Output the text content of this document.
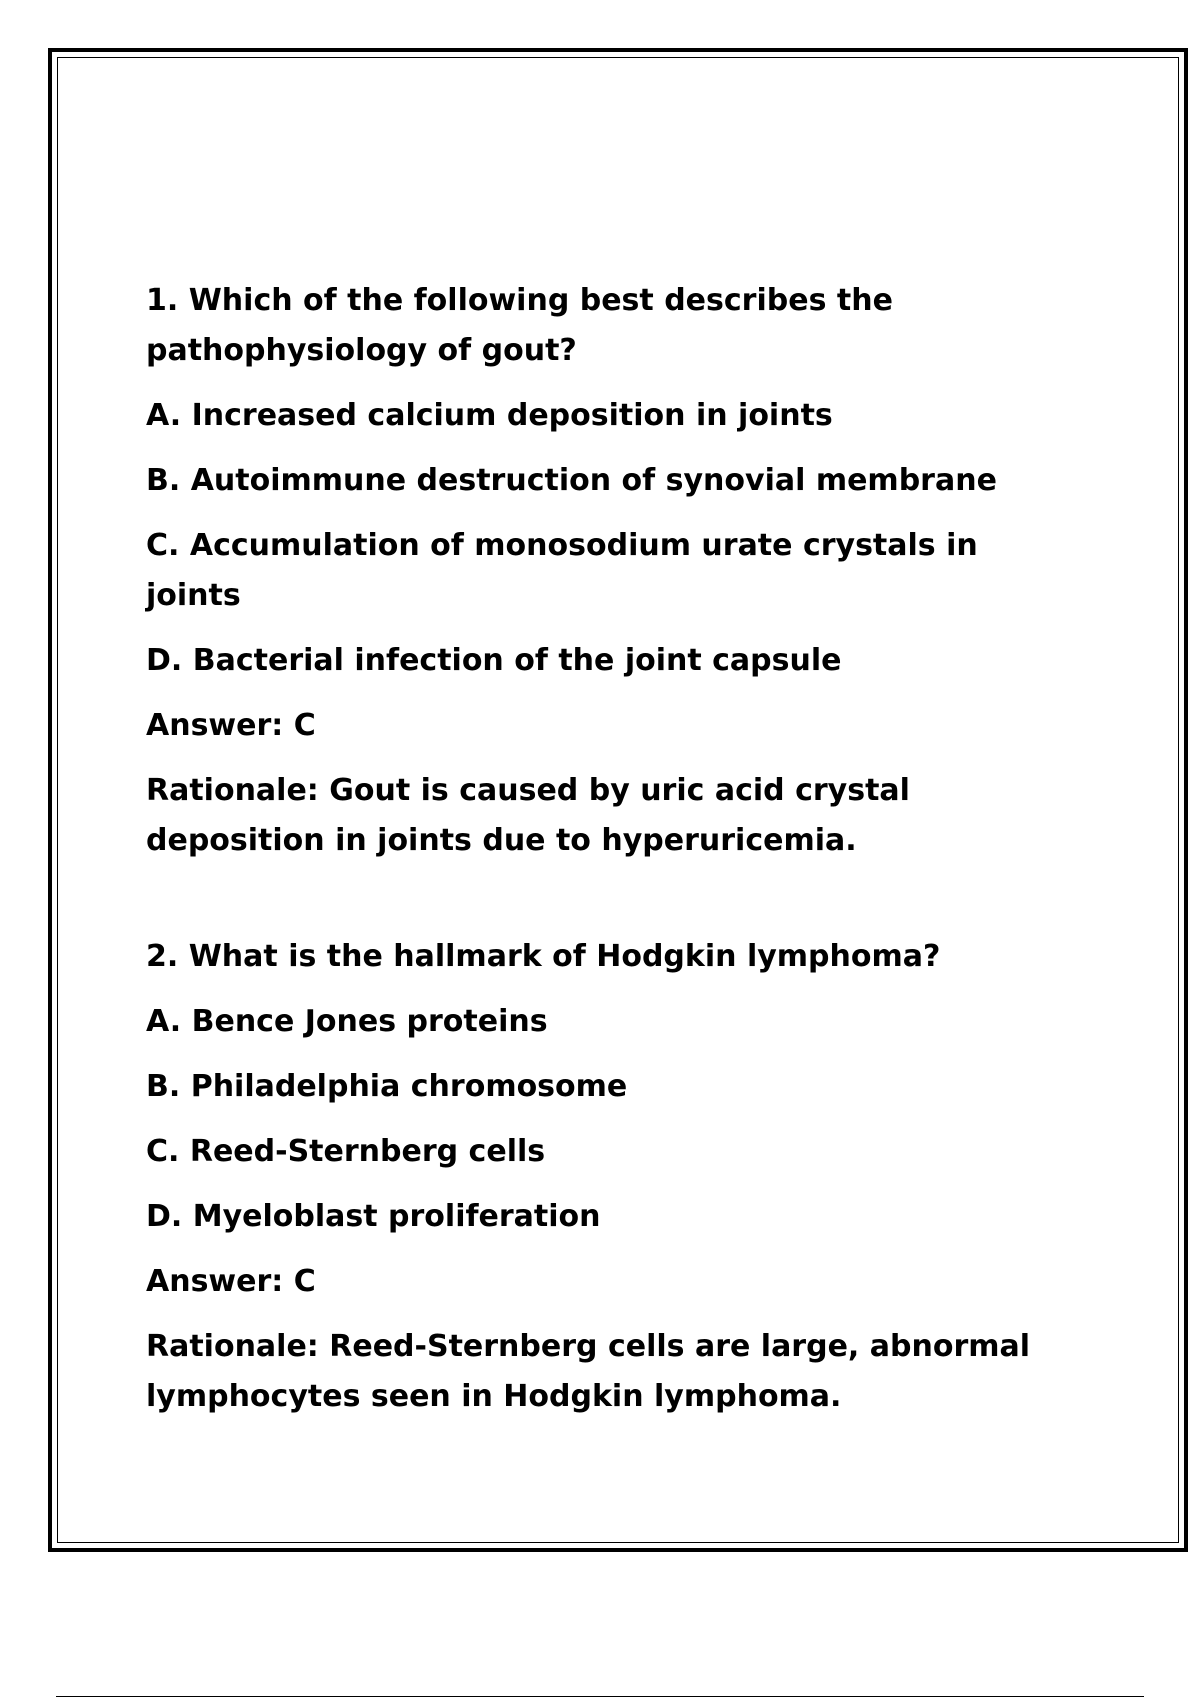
1. Which of the following best describes the

pathophysiology of gout?

A. Increased calcium deposition in joints

B. Autoimmune destruction of synovial membrane

C. Accumulation of monosodium urate crystals in

joints

D. Bacterial infection of the joint capsule

Answer: C

Rationale: Gout is caused by uric acid crystal

deposition in joints due to hyperuricemia.

2. What is the hallmark of Hodgkin lymphoma?

A. Bence Jones proteins

B. Philadelphia chromosome

C. Reed-Sternberg cells

D. Myeloblast proliferation

Answer: C

Rationale: Reed-Sternberg cells are large, abnormal

lymphocytes seen in Hodgkin lymphoma.
